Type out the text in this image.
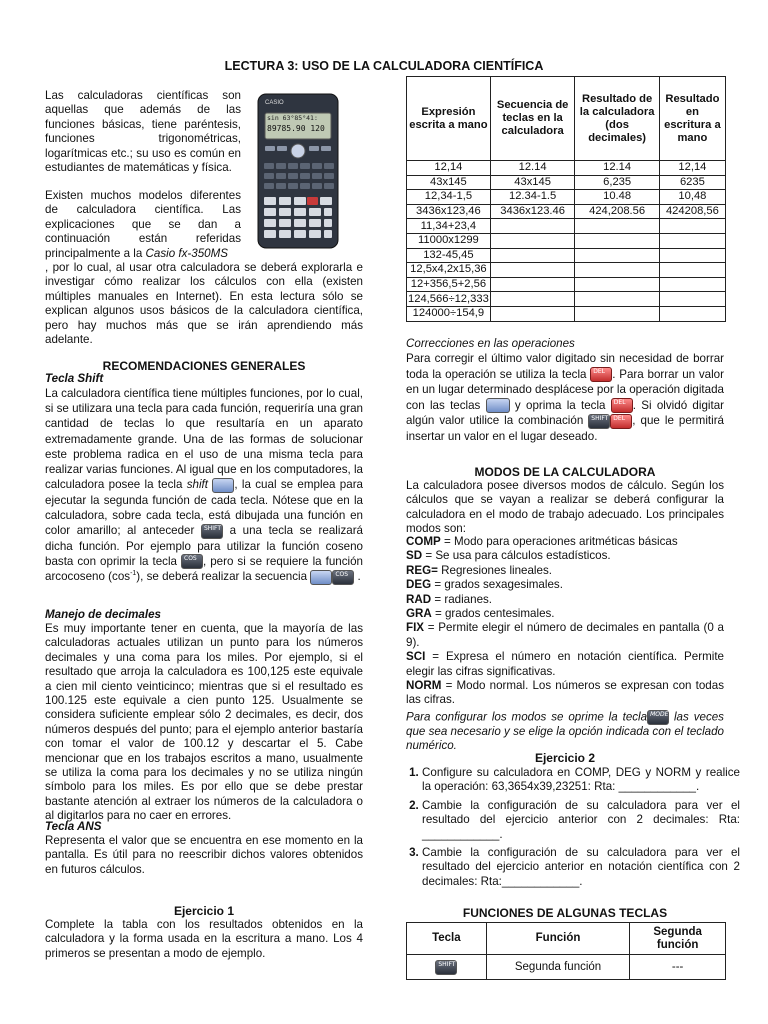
LECTURA 3: USO DE LA CALCULADORA CIENTÍFICA
Las calculadoras científicas son aquellas que además de las funciones básicas, tiene paréntesis, funciones trigonométricas, logarítmicas etc.; su uso es común en estudiantes de matemáticas y física.
CASIO
sin 63°85°41:
89785.90 120
Existen muchos modelos diferentes de calculadora científica. Las explicaciones que se dan a continuación están referidas principalmente a la Casio fx-350MS
, por lo cual, al usar otra calculadora se deberá explorarla e investigar cómo realizar los cálculos con ella (existen múltiples manuales en Internet). En esta lectura sólo se explican algunos usos básicos de la calculadora científica, pero hay muchos más que se irán aprendiendo más adelante.
RECOMENDACIONES GENERALES
Tecla Shift
La calculadora científica tiene múltiples funciones, por lo cual, si se utilizara una tecla para cada función, requeriría una gran cantidad de teclas lo que resultaría en un aparato extremadamente grande. Una de las formas de solucionar este problema radica en el uso de una misma tecla para realizar varias funciones. Al igual que en los computadores, la calculadora posee la tecla shift , la cual se emplea para ejecutar la segunda función de cada tecla. Nótese que en la calculadora, sobre cada tecla, está dibujada una función en color amarillo; al anteceder SHIFT a una tecla se realizará dicha función. Por ejemplo para utilizar la función coseno basta con oprimir la tecla COS , pero si se requiere la función arcocoseno $(\cos^{-1})$, se deberá realizar la secuencia	COS .
Manejo de decimales
Es muy importante tener en cuenta, que la mayoría de las calculadoras actuales utilizan un punto para los números decimales y una coma para los miles. Por ejemplo, si el resultado que arroja la calculadora es 100,125 este equivale a cien mil ciento veinticinco; mientras que si el resultado es 100.125 este equivale a cien punto 125. Usualmente se considera suficiente emplear sólo 2 decimales, es decir, dos números después del punto; para el ejemplo anterior bastaría con tomar el valor de 100.12 y descartar el 5. Cabe mencionar que en los trabajos escritos a mano, usualmente se utiliza la coma para los decimales y no se utiliza ningún símbolo para los miles. Es por ello que se debe prestar bastante atención al extraer los números de la calculadora o al digitarlos para no caer en errores.
Tecla ANS
Representa el valor que se encuentra en ese momento en la pantalla. Es útil para no reescribir dichos valores obtenidos en futuros cálculos.
Ejercicio 1
Complete la tabla con los resultados obtenidos en la calculadora y la forma usada en la escritura a mano. Los 4 primeros se presentan a modo de ejemplo.
Expresión escrita a mano	Secuencia de teclas en la calculadora	Resultado de la calculadora (dos decimales)	Resultado en escritura a mano
12,14	12.14	12.14	12,14
43x145	43x145	6,235	6235
12,34-1,5	12.34-1.5	10.48	10,48
3436x123,46	3436x123.46	424,208.56	424208,56
11,34+23,4			
11000x1299			
132-45,45			
12,5x4,2x15,36			
12+356,5+2,56			
124,566÷12,333			
124000÷154,9			
Correcciones en las operaciones
Para corregir el último valor digitado sin necesidad de borrar toda la operación se utiliza la tecla DEL . Para borrar un valor en un lugar determinado desplácese por la operación digitada con las teclas  y oprima la tecla DEL . Si olvidó digitar algún valor utilice la combinación SHIFT DEL , que le permitirá insertar un valor en el lugar deseado.
MODOS DE LA CALCULADORA
La calculadora posee diversos modos de cálculo. Según los cálculos que se vayan a realizar se deberá configurar la calculadora en el modo de trabajo adecuado. Los principales modos son:
COMP = Modo para operaciones aritméticas básicas
SD = Se usa para cálculos estadísticos.
REG= Regresiones lineales.
DEG = grados sexagesimales.
RAD = radianes.
GRA = grados centesimales.
FIX = Permite elegir el número de decimales en pantalla (0 a 9).
SCI = Expresa el número en notación científica. Permite elegir las cifras significativas.
NORM = Modo normal. Los números se expresan con todas las cifras.
Para configurar los modos se oprime la tecla MODE las veces que sea necesario y se elige la opción indicada con el teclado numérico.
Ejercicio 2
1. Configure su calculadora en COMP, DEG y NORM y realice la operación: 63,3654x39,23251: Rta: ____________.
2. Cambie la configuración de su calculadora para ver el resultado del ejercicio anterior con 2 decimales: Rta: ____________.
3. Cambie la configuración de su calculadora para ver el resultado del ejercicio anterior en notación científica con 2 decimales: Rta:____________.
FUNCIONES DE ALGUNAS TECLAS
Tecla	Función	Segunda función

SHIFT	Segunda función	---
